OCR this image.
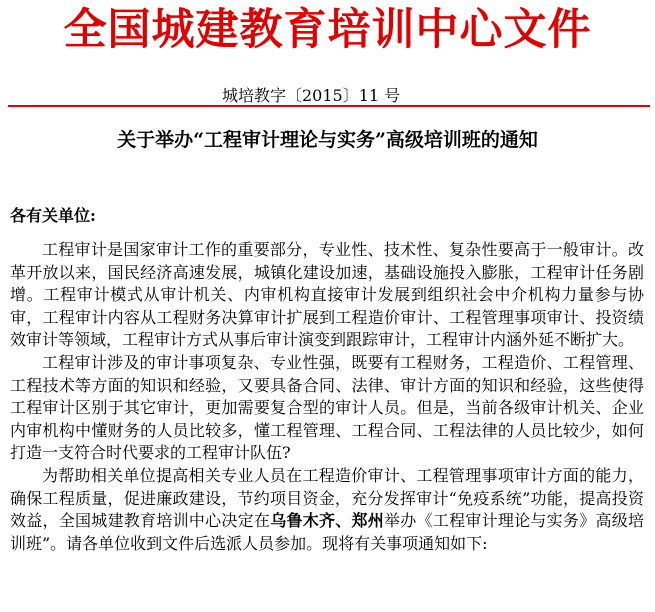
全国城建教育培训中心文件
城培教字〔2015〕11 号
关于举办“工程审计理论与实务”高级培训班的通知
各有关单位:

工程审计是国家审计工作的重要部分，专业性、技术性、复杂性要高于一般审计。改革开放以来，国民经济高速发展，城镇化建设加速，基础设施投入膨胀，工程审计任务剧增。工程审计模式从审计机关、内审机构直接审计发展到组织社会中介机构力量参与协审，工程审计内容从工程财务决算审计扩展到工程造价审计、工程管理事项审计、投资绩效审计等领域，工程审计方式从事后审计演变到跟踪审计，工程审计内涵外延不断扩大。

工程审计涉及的审计事项复杂、专业性强，既要有工程财务，工程造价、工程管理、工程技术等方面的知识和经验，又要具备合同、法律、审计方面的知识和经验，这些使得工程审计区别于其它审计，更加需要复合型的审计人员。但是，当前各级审计机关、企业内审机构中懂财务的人员比较多，懂工程管理、工程合同、工程法律的人员比较少，如何打造一支符合时代要求的工程审计队伍?

为帮助相关单位提高相关专业人员在工程造价审计、工程管理事项审计方面的能力，确保工程质量，促进廉政建设，节约项目资金，充分发挥审计“免疫系统”功能，提高投资效益，全国城建教育培训中心决定在乌鲁木齐、郑州举办《工程审计理论与实务》高级培训班”。请各单位收到文件后选派人员参加。现将有关事项通知如下:
